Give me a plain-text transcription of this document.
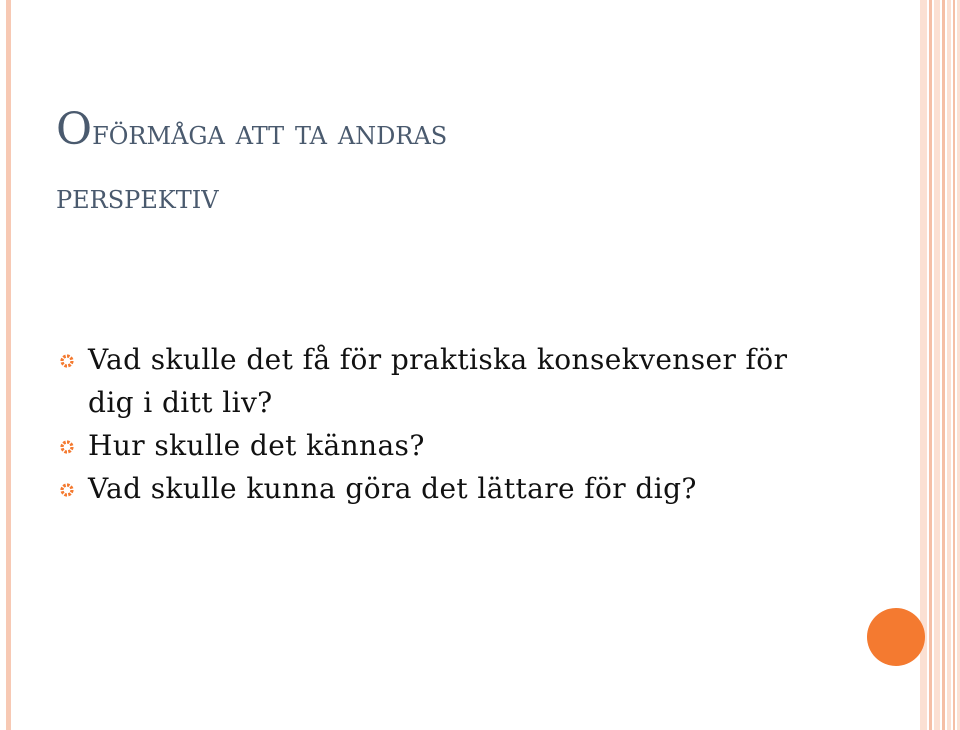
Oförmåga att ta andras
perspektiv
Vad skulle det få för praktiska konsekvenser för dig i ditt liv?
Hur skulle det kännas?
Vad skulle kunna göra det lättare för dig?
